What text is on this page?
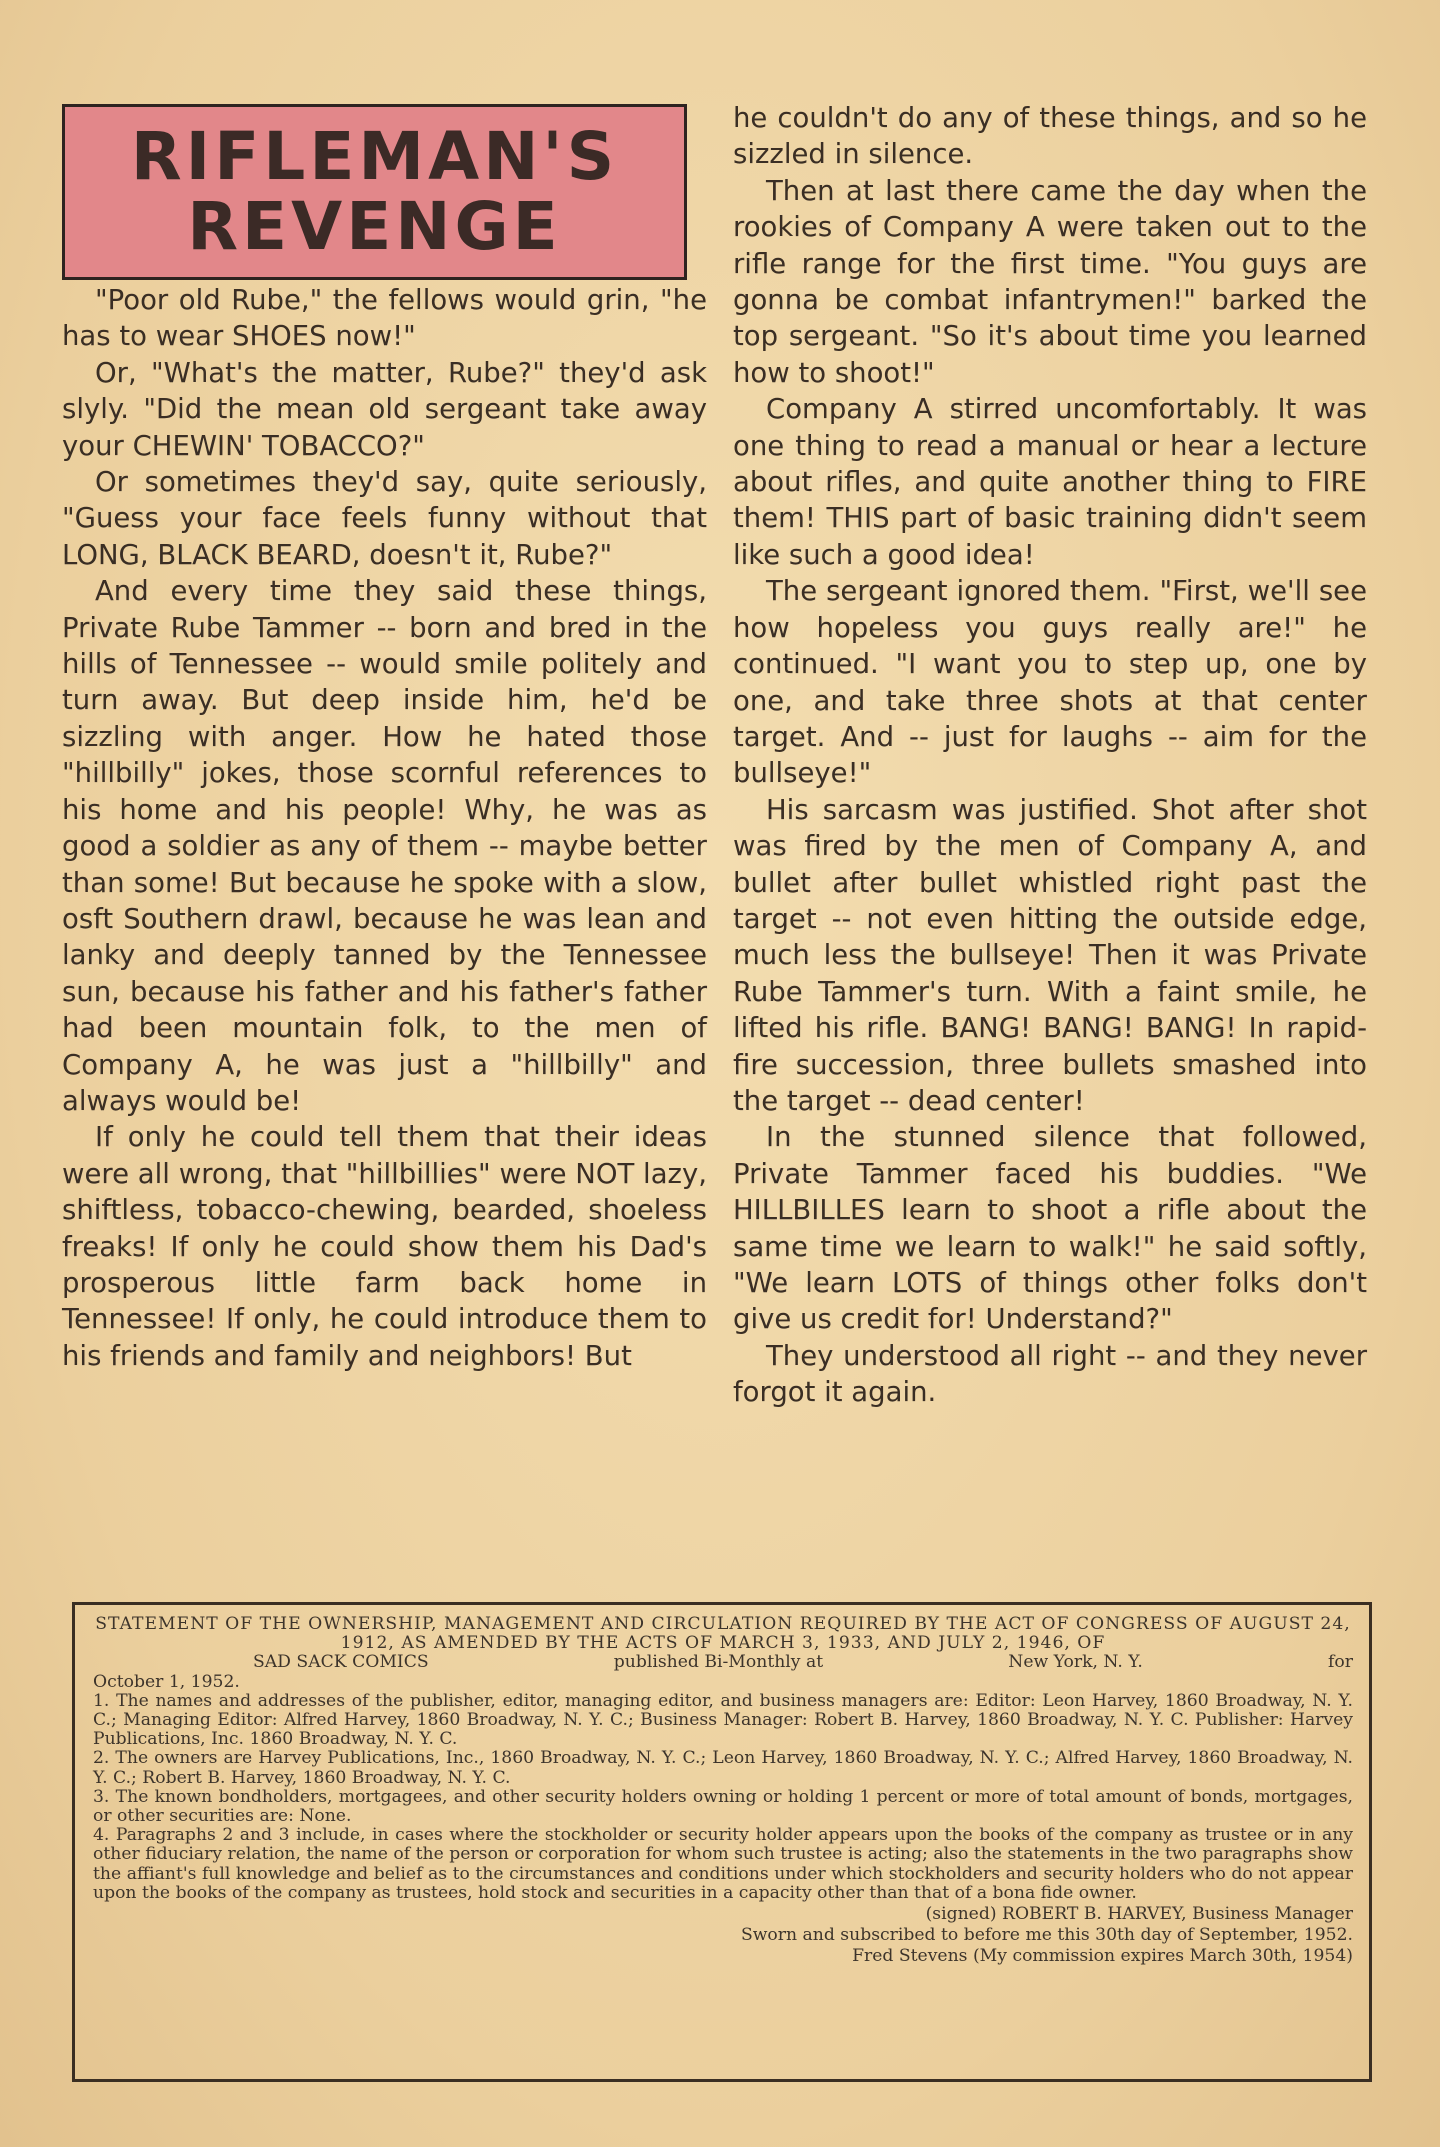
RIFLEMAN'S
REVENGE

"Poor old Rube," the fellows would grin, "he has to wear SHOES now!"

Or, "What's the matter, Rube?" they'd ask slyly. "Did the mean old sergeant take away your CHEWIN' TOBACCO?"

Or sometimes they'd say, quite seriously, "Guess your face feels funny without that LONG, BLACK BEARD, doesn't it, Rube?"

And every time they said these things, Private Rube Tammer -- born and bred in the hills of Tennessee -- would smile politely and turn away. But deep inside him, he'd be sizzling with anger. How he hated those "hillbilly" jokes, those scornful references to his home and his people! Why, he was as good a soldier as any of them -- maybe better than some! But because he spoke with a slow, osft Southern drawl, because he was lean and lanky and deeply tanned by the Tennessee sun, because his father and his father's father had been mountain folk, to the men of Company A, he was just a "hillbilly" and always would be!

If only he could tell them that their ideas were all wrong, that "hillbillies" were NOT lazy, shiftless, tobacco-chewing, bearded, shoeless freaks! If only he could show them his Dad's prosperous little farm back home in Tennessee! If only, he could introduce them to his friends and family and neighbors! But

he couldn't do any of these things, and so he sizzled in silence.

Then at last there came the day when the rookies of Company A were taken out to the rifle range for the first time. "You guys are gonna be combat infantrymen!" barked the top sergeant. "So it's about time you learned how to shoot!"

Company A stirred uncomfortably. It was one thing to read a manual or hear a lecture about rifles, and quite another thing to FIRE them! THIS part of basic training didn't seem like such a good idea!

The sergeant ignored them. "First, we'll see how hopeless you guys really are!" he continued. "I want you to step up, one by one, and take three shots at that center target. And -- just for laughs -- aim for the bullseye!"

His sarcasm was justified. Shot after shot was fired by the men of Company A, and bullet after bullet whistled right past the target -- not even hitting the outside edge, much less the bullseye! Then it was Private Rube Tammer's turn. With a faint smile, he lifted his rifle. BANG! BANG! BANG! In rapid-fire succession, three bullets smashed into the target -- dead center!

In the stunned silence that followed, Private Tammer faced his buddies. "We HILLBILLES learn to shoot a rifle about the same time we learn to walk!" he said softly, "We learn LOTS of things other folks don't give us credit for! Understand?"

They understood all right -- and they never forgot it again.

STATEMENT OF THE OWNERSHIP, MANAGEMENT AND CIRCULATION REQUIRED BY THE ACT OF CONGRESS OF AUGUST 24, 1912, AS AMENDED BY THE ACTS OF MARCH 3, 1933, AND JULY 2, 1946, OF
SAD SACK COMICS	published Bi-Monthly at	New York, N. Y.	for
October 1, 1952.

1. The names and addresses of the publisher, editor, managing editor, and business managers are: Editor: Leon Harvey, 1860 Broadway, N. Y. C.; Managing Editor: Alfred Harvey, 1860 Broadway, N. Y. C.; Business Manager: Robert B. Harvey, 1860 Broadway, N. Y. C. Publisher: Harvey Publications, Inc. 1860 Broadway, N. Y. C.

2. The owners are Harvey Publications, Inc., 1860 Broadway, N. Y. C.; Leon Harvey, 1860 Broadway, N. Y. C.; Alfred Harvey, 1860 Broadway, N. Y. C.; Robert B. Harvey, 1860 Broadway, N. Y. C.

3. The known bondholders, mortgagees, and other security holders owning or holding 1 percent or more of total amount of bonds, mortgages, or other securities are: None.

4. Paragraphs 2 and 3 include, in cases where the stockholder or security holder appears upon the books of the company as trustee or in any other fiduciary relation, the name of the person or corporation for whom such trustee is acting; also the statements in the two paragraphs show the affiant's full knowledge and belief as to the circumstances and conditions under which stockholders and security holders who do not appear upon the books of the company as trustees, hold stock and securities in a capacity other than that of a bona fide owner.

(signed) ROBERT B. HARVEY, Business Manager
Sworn and subscribed to before me this 30th day of September, 1952.
Fred Stevens (My commission expires March 30th, 1954)
